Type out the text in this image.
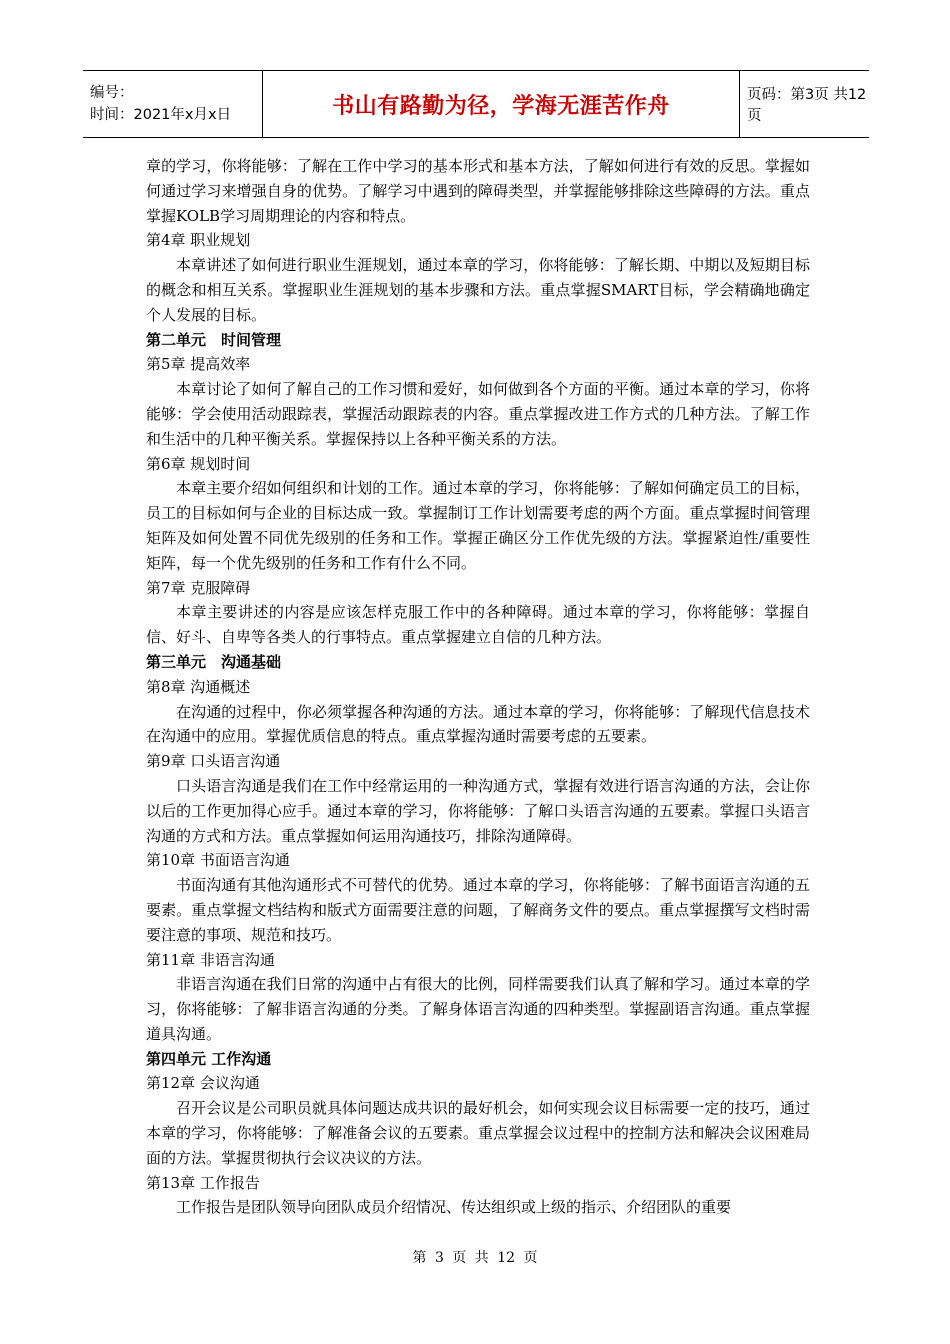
编号：
时间：2021年x月x日	书山有路勤为径，学海无涯苦作舟	页码：第3页 共12页

章的学习，你将能够：了解在工作中学习的基本形式和基本方法，了解如何进行有效的反思。掌握如何通过学习来增强自身的优势。了解学习中遇到的障碍类型，并掌握能够排除这些障碍的方法。重点掌握KOLB学习周期理论的内容和特点。

第4章 职业规划

本章讲述了如何进行职业生涯规划，通过本章的学习，你将能够：了解长期、中期以及短期目标的概念和相互关系。掌握职业生涯规划的基本步骤和方法。重点掌握SMART目标，学会精确地确定个人发展的目标。

第二单元　时间管理

第5章 提高效率

本章讨论了如何了解自己的工作习惯和爱好，如何做到各个方面的平衡。通过本章的学习，你将能够：学会使用活动跟踪表，掌握活动跟踪表的内容。重点掌握改进工作方式的几种方法。了解工作和生活中的几种平衡关系。掌握保持以上各种平衡关系的方法。

第6章 规划时间

本章主要介绍如何组织和计划的工作。通过本章的学习，你将能够：了解如何确定员工的目标，员工的目标如何与企业的目标达成一致。掌握制订工作计划需要考虑的两个方面。重点掌握时间管理矩阵及如何处置不同优先级别的任务和工作。掌握正确区分工作优先级的方法。掌握紧迫性/重要性矩阵，每一个优先级别的任务和工作有什么不同。

第7章 克服障碍

本章主要讲述的内容是应该怎样克服工作中的各种障碍。通过本章的学习，你将能够：掌握自信、好斗、自卑等各类人的行事特点。重点掌握建立自信的几种方法。

第三单元　沟通基础

第8章 沟通概述

在沟通的过程中，你必须掌握各种沟通的方法。通过本章的学习，你将能够：了解现代信息技术在沟通中的应用。掌握优质信息的特点。重点掌握沟通时需要考虑的五要素。

第9章 口头语言沟通

口头语言沟通是我们在工作中经常运用的一种沟通方式，掌握有效进行语言沟通的方法，会让你以后的工作更加得心应手。通过本章的学习，你将能够：了解口头语言沟通的五要素。掌握口头语言沟通的方式和方法。重点掌握如何运用沟通技巧，排除沟通障碍。

第10章 书面语言沟通

书面沟通有其他沟通形式不可替代的优势。通过本章的学习，你将能够：了解书面语言沟通的五要素。重点掌握文档结构和版式方面需要注意的问题，了解商务文件的要点。重点掌握撰写文档时需要注意的事项、规范和技巧。

第11章 非语言沟通

非语言沟通在我们日常的沟通中占有很大的比例，同样需要我们认真了解和学习。通过本章的学习，你将能够：了解非语言沟通的分类。了解身体语言沟通的四种类型。掌握副语言沟通。重点掌握道具沟通。

第四单元 工作沟通

第12章 会议沟通

召开会议是公司职员就具体问题达成共识的最好机会，如何实现会议目标需要一定的技巧，通过本章的学习，你将能够：了解准备会议的五要素。重点掌握会议过程中的控制方法和解决会议困难局面的方法。掌握贯彻执行会议决议的方法。

第13章 工作报告

工作报告是团队领导向团队成员介绍情况、传达组织或上级的指示、介绍团队的重要

第 3 页 共 12 页
